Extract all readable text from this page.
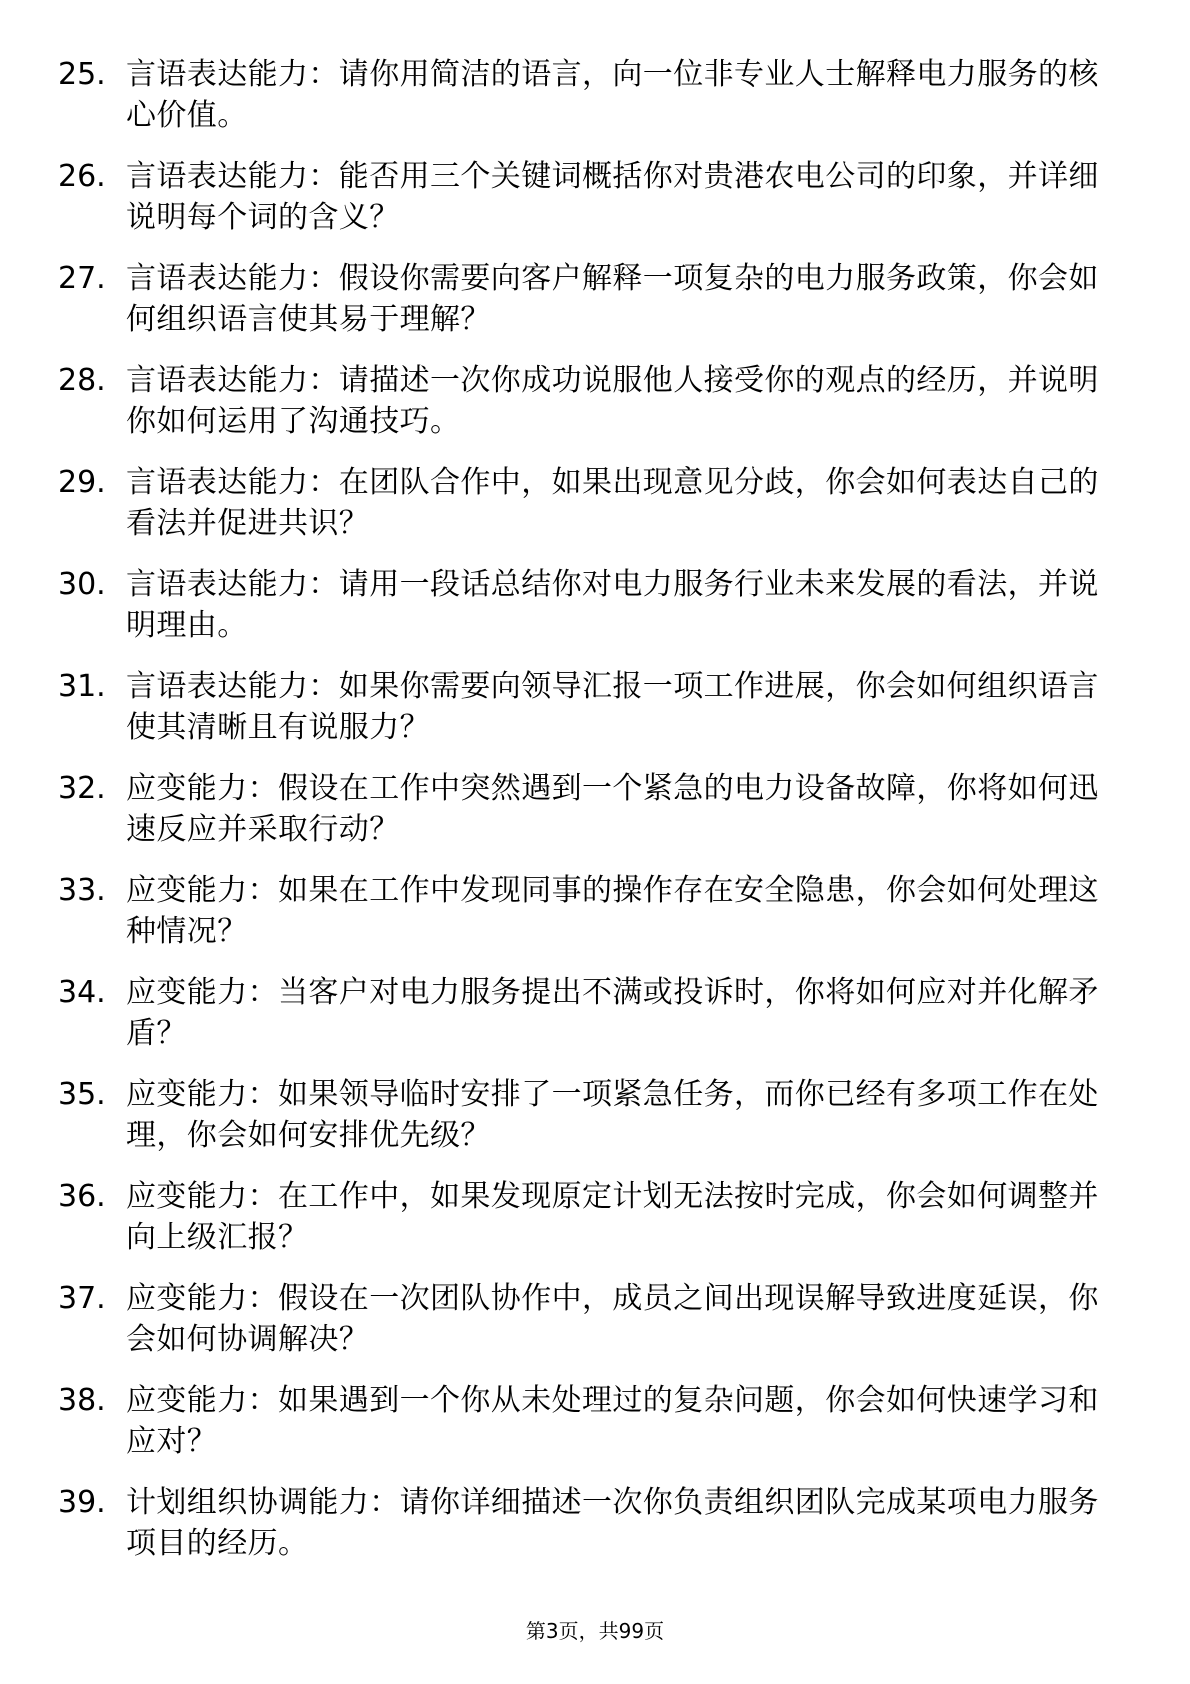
25. 言语表达能力：请你用简洁的语言，向一位非专业人士解释电力服务的核心价值。
26. 言语表达能力：能否用三个关键词概括你对贵港农电公司的印象，并详细说明每个词的含义？
27. 言语表达能力：假设你需要向客户解释一项复杂的电力服务政策，你会如何组织语言使其易于理解？
28. 言语表达能力：请描述一次你成功说服他人接受你的观点的经历，并说明你如何运用了沟通技巧。
29. 言语表达能力：在团队合作中，如果出现意见分歧，你会如何表达自己的看法并促进共识？
30. 言语表达能力：请用一段话总结你对电力服务行业未来发展的看法，并说明理由。
31. 言语表达能力：如果你需要向领导汇报一项工作进展，你会如何组织语言使其清晰且有说服力？
32. 应变能力：假设在工作中突然遇到一个紧急的电力设备故障，你将如何迅速反应并采取行动？
33. 应变能力：如果在工作中发现同事的操作存在安全隐患，你会如何处理这种情况？
34. 应变能力：当客户对电力服务提出不满或投诉时，你将如何应对并化解矛盾？
35. 应变能力：如果领导临时安排了一项紧急任务，而你已经有多项工作在处理，你会如何安排优先级？
36. 应变能力：在工作中，如果发现原定计划无法按时完成，你会如何调整并向上级汇报？
37. 应变能力：假设在一次团队协作中，成员之间出现误解导致进度延误，你会如何协调解决？
38. 应变能力：如果遇到一个你从未处理过的复杂问题，你会如何快速学习和应对？
39. 计划组织协调能力：请你详细描述一次你负责组织团队完成某项电力服务项目的经历。
第3页，共99页
